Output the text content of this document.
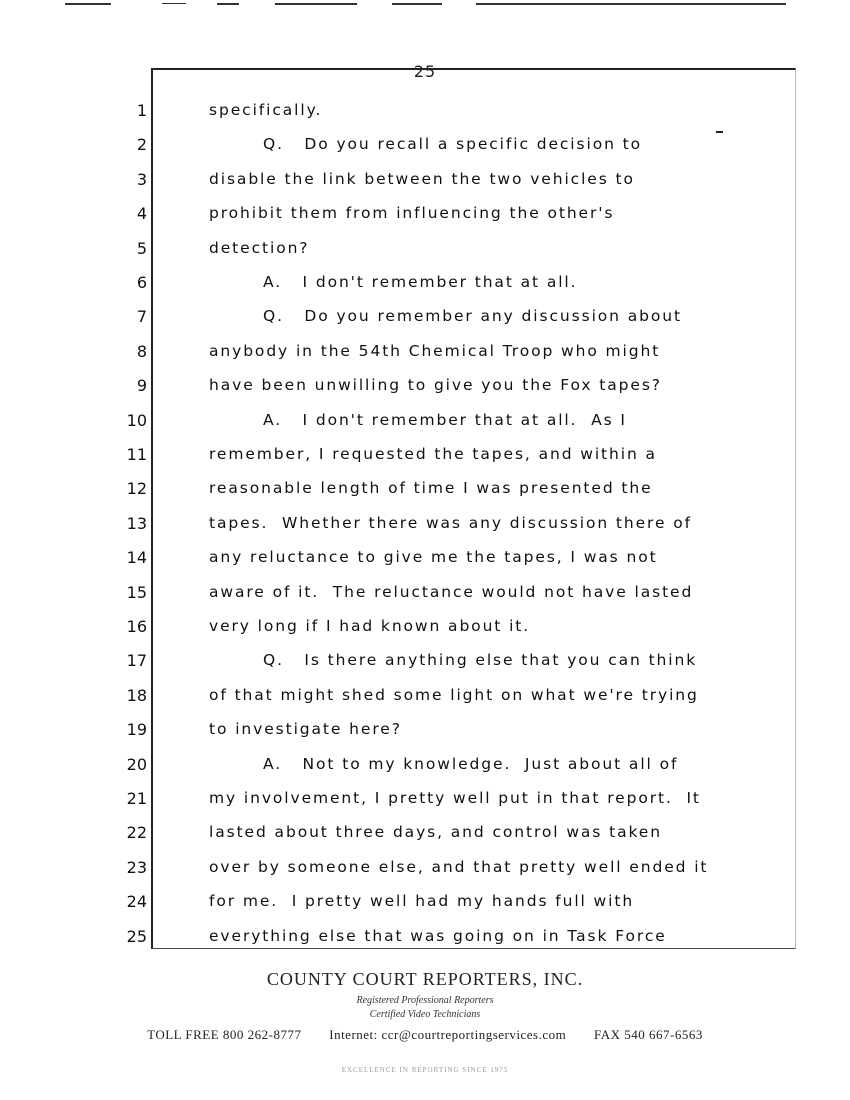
25
1	specifically.
2	Q.   Do you recall a specific decision to
3	disable the link between the two vehicles to
4	prohibit them from influencing the other's
5	detection?
6	A.   I don't remember that at all.
7	Q.   Do you remember any discussion about
8	anybody in the 54th Chemical Troop who might
9	have been unwilling to give you the Fox tapes?
10	A.   I don't remember that at all.  As I
11	remember, I requested the tapes, and within a
12	reasonable length of time I was presented the
13	tapes.  Whether there was any discussion there of
14	any reluctance to give me the tapes, I was not
15	aware of it.  The reluctance would not have lasted
16	very long if I had known about it.
17	Q.   Is there anything else that you can think
18	of that might shed some light on what we're trying
19	to investigate here?
20	A.   Not to my knowledge.  Just about all of
21	my involvement, I pretty well put in that report.  It
22	lasted about three days, and control was taken
23	over by someone else, and that pretty well ended it
24	for me.  I pretty well had my hands full with
25	everything else that was going on in Task Force
COUNTY COURT REPORTERS, INC.
Registered Professional Reporters
Certified Video Technicians
TOLL FREE 800 262-8777 Internet: ccr@courtreportingservices.com FAX 540 667-6563
EXCELLENCE IN REPORTING SINCE 1975
